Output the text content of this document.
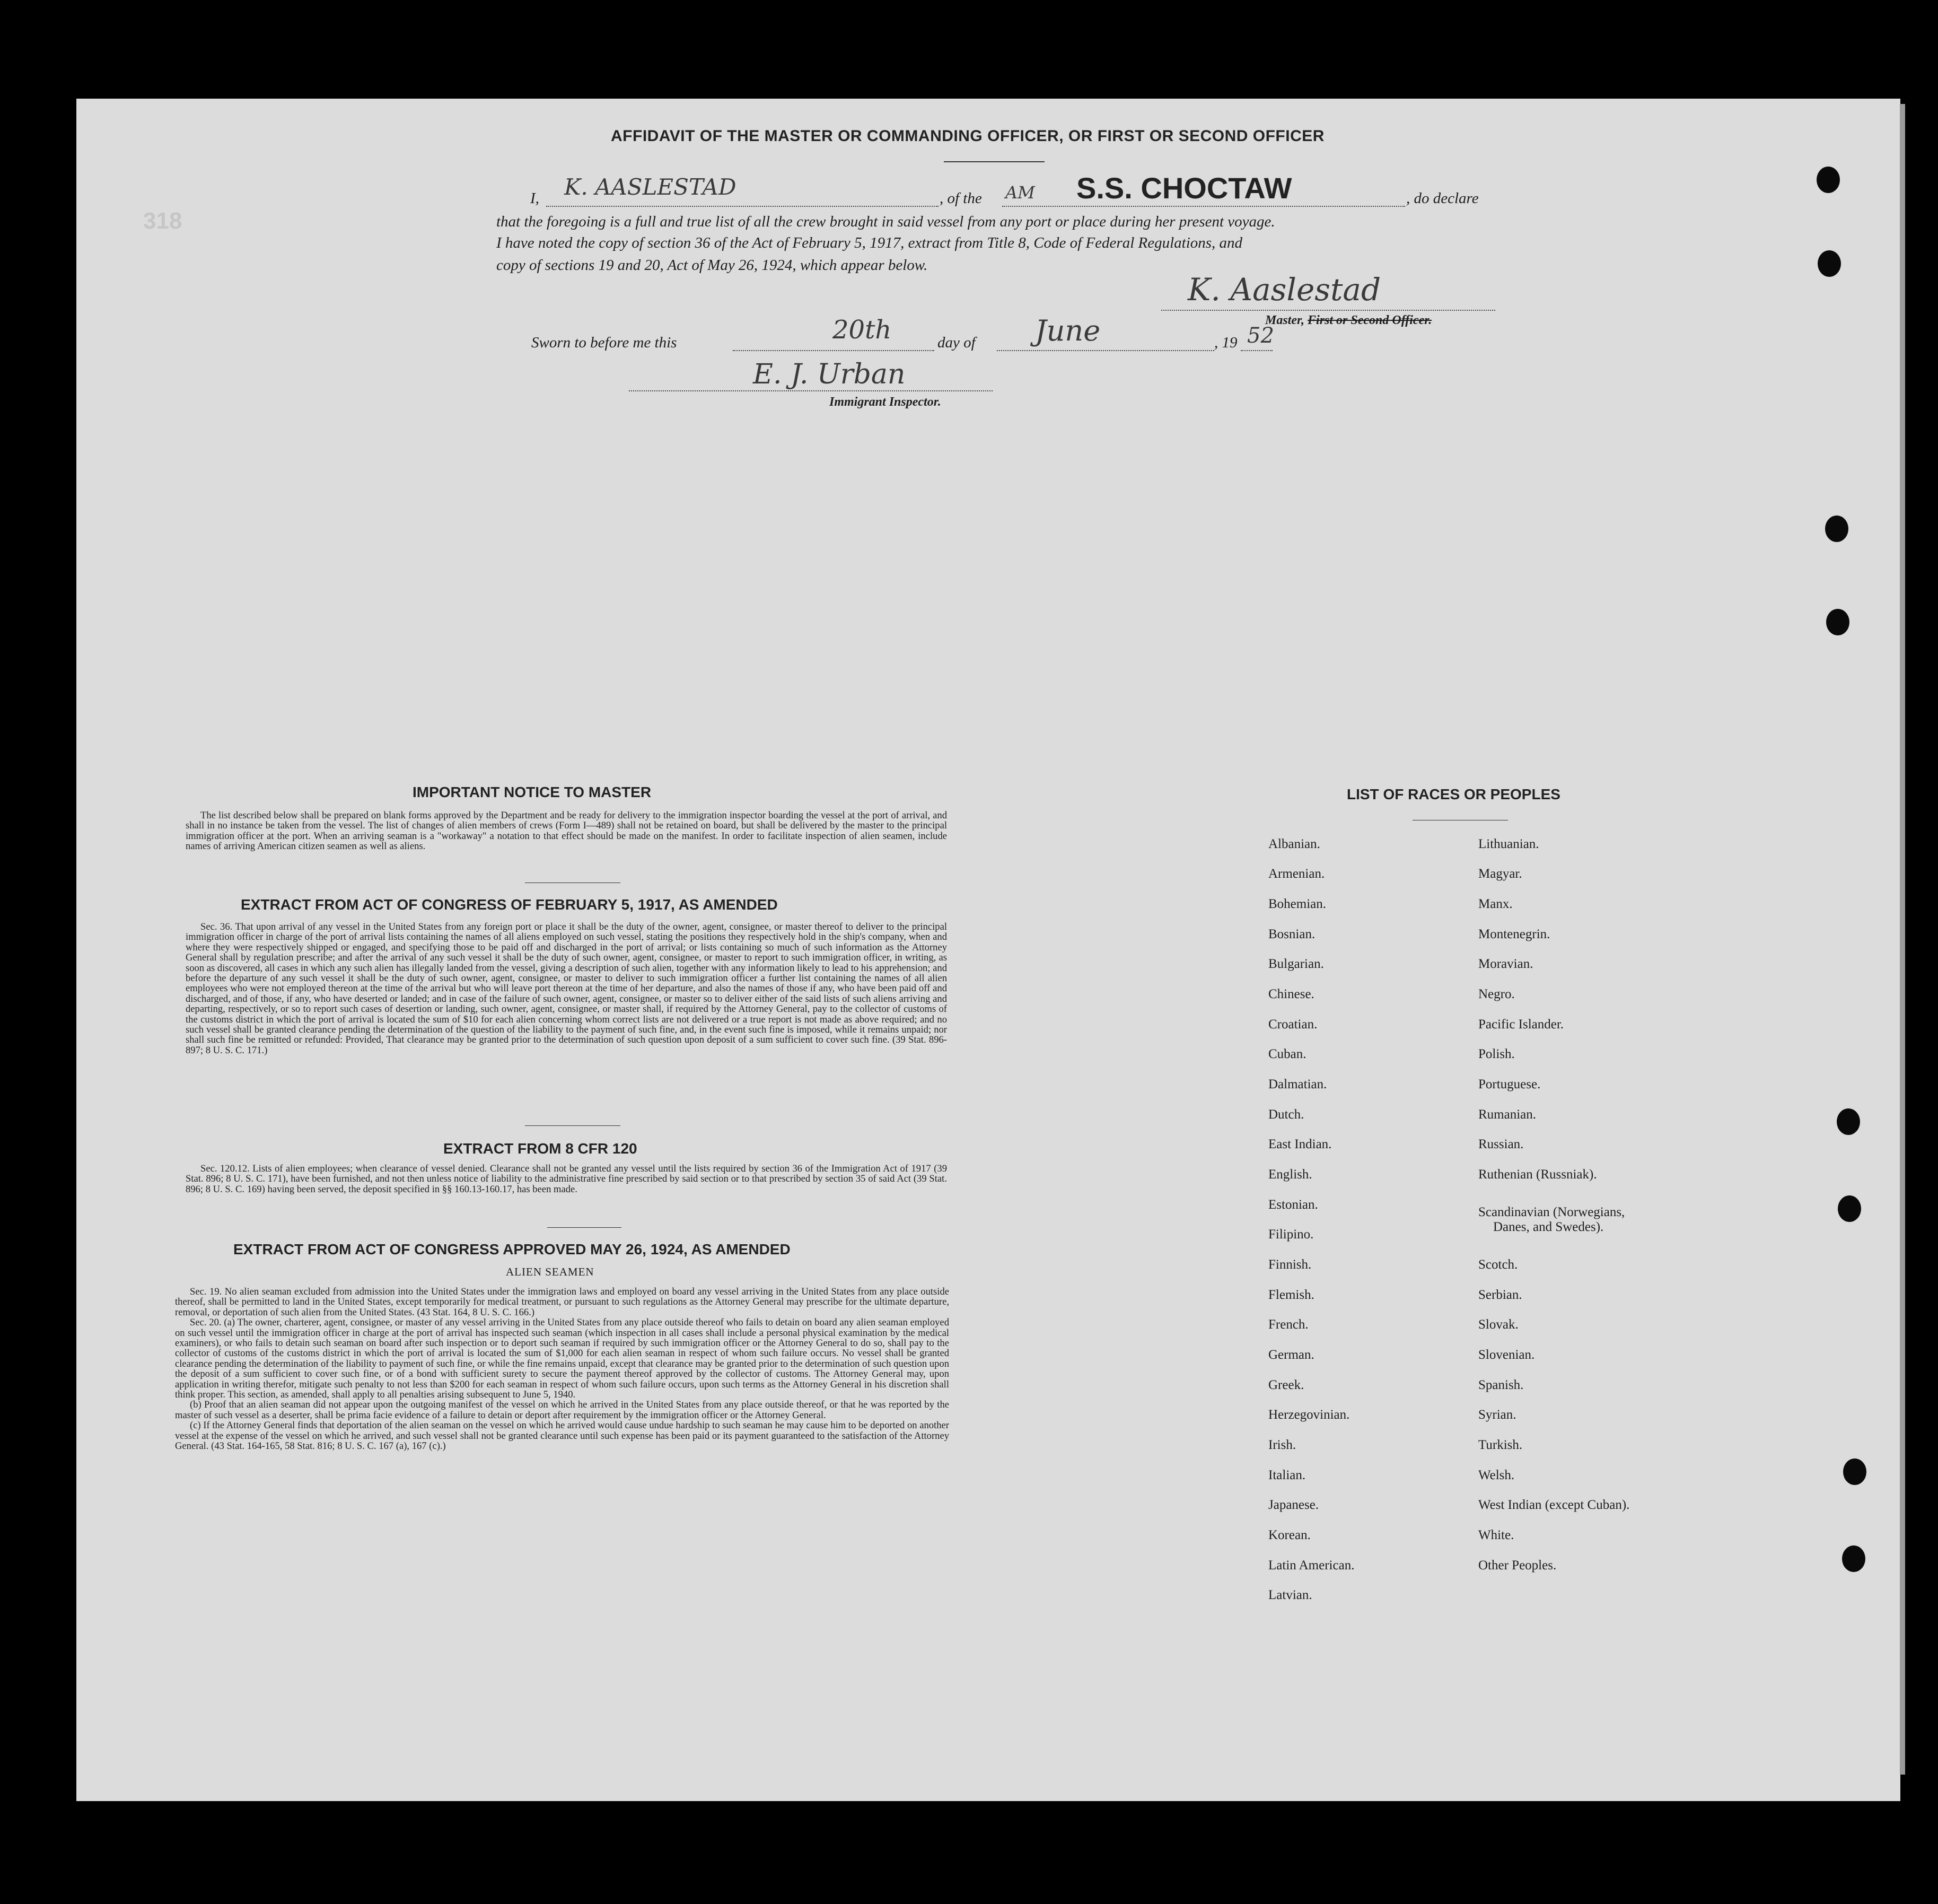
318
AFFIDAVIT OF THE MASTER OR COMMANDING OFFICER, OR FIRST OR SECOND OFFICER
I, K. AASLESTAD	, of the AM S.S. CHOCTAW	, do declare
that the foregoing is a full and true list of all the crew brought in said vessel from any port or place during her present voyage.
I have noted the copy of section 36 of the Act of February 5, 1917, extract from Title 8, Code of Federal Regulations, and
copy of sections 19 and 20, Act of May 26, 1924, which appear below.
K. Aaslestad
Master, First or Second Officer.
Sworn to before me this	20th	day of June	, 19 52
E. J. Urban
Immigrant Inspector.
IMPORTANT NOTICE TO MASTER
The list described below shall be prepared on blank forms approved by the Department and be ready for delivery to the immigration inspector boarding the vessel at the port of arrival, and shall in no instance be taken from the vessel. The list of changes of alien members of crews (Form I—489) shall not be retained on board, but shall be delivered by the master to the principal immigration officer at the port. When an arriving seaman is a "workaway" a notation to that effect should be made on the manifest. In order to facilitate inspection of alien seamen, include names of arriving American citizen seamen as well as aliens.
EXTRACT FROM ACT OF CONGRESS OF FEBRUARY 5, 1917, AS AMENDED
Sec. 36. That upon arrival of any vessel in the United States from any foreign port or place it shall be the duty of the owner, agent, consignee, or master thereof to deliver to the principal immigration officer in charge of the port of arrival lists containing the names of all aliens employed on such vessel, stating the positions they respectively hold in the ship's company, when and where they were respectively shipped or engaged, and specifying those to be paid off and discharged in the port of arrival; or lists containing so much of such information as the Attorney General shall by regulation prescribe; and after the arrival of any such vessel it shall be the duty of such owner, agent, consignee, or master to report to such immigration officer, in writing, as soon as discovered, all cases in which any such alien has illegally landed from the vessel, giving a description of such alien, together with any information likely to lead to his apprehension; and before the departure of any such vessel it shall be the duty of such owner, agent, consignee, or master to deliver to such immigration officer a further list containing the names of all alien employees who were not employed thereon at the time of the arrival but who will leave port thereon at the time of her departure, and also the names of those if any, who have been paid off and discharged, and of those, if any, who have deserted or landed; and in case of the failure of such owner, agent, consignee, or master so to deliver either of the said lists of such aliens arriving and departing, respectively, or so to report such cases of desertion or landing, such owner, agent, consignee, or master shall, if required by the Attorney General, pay to the collector of customs of the customs district in which the port of arrival is located the sum of $10 for each alien concerning whom correct lists are not delivered or a true report is not made as above required; and no such vessel shall be granted clearance pending the determination of the question of the liability to the payment of such fine, and, in the event such fine is imposed, while it remains unpaid; nor shall such fine be remitted or refunded: Provided, That clearance may be granted prior to the determination of such question upon deposit of a sum sufficient to cover such fine. (39 Stat. 896-897; 8 U. S. C. 171.)
EXTRACT FROM 8 CFR 120
Sec. 120.12. Lists of alien employees; when clearance of vessel denied. Clearance shall not be granted any vessel until the lists required by section 36 of the Immigration Act of 1917 (39 Stat. 896; 8 U. S. C. 171), have been furnished, and not then unless notice of liability to the administrative fine prescribed by said section or to that prescribed by section 35 of said Act (39 Stat. 896; 8 U. S. C. 169) having been served, the deposit specified in §§ 160.13-160.17, has been made.
EXTRACT FROM ACT OF CONGRESS APPROVED MAY 26, 1924, AS AMENDED
ALIEN SEAMEN
Sec. 19. No alien seaman excluded from admission into the United States under the immigration laws and employed on board any vessel arriving in the United States from any place outside thereof, shall be permitted to land in the United States, except temporarily for medical treatment, or pursuant to such regulations as the Attorney General may prescribe for the ultimate departure, removal, or deportation of such alien from the United States. (43 Stat. 164, 8 U. S. C. 166.)
Sec. 20. (a) The owner, charterer, agent, consignee, or master of any vessel arriving in the United States from any place outside thereof who fails to detain on board any alien seaman employed on such vessel until the immigration officer in charge at the port of arrival has inspected such seaman (which inspection in all cases shall include a personal physical examination by the medical examiners), or who fails to detain such seaman on board after such inspection or to deport such seaman if required by such immigration officer or the Attorney General to do so, shall pay to the collector of customs of the customs district in which the port of arrival is located the sum of $1,000 for each alien seaman in respect of whom such failure occurs. No vessel shall be granted clearance pending the determination of the liability to payment of such fine, or while the fine remains unpaid, except that clearance may be granted prior to the determination of such question upon the deposit of a sum sufficient to cover such fine, or of a bond with sufficient surety to secure the payment thereof approved by the collector of customs. The Attorney General may, upon application in writing therefor, mitigate such penalty to not less than $200 for each seaman in respect of whom such failure occurs, upon such terms as the Attorney General in his discretion shall think proper. This section, as amended, shall apply to all penalties arising subsequent to June 5, 1940.
(b) Proof that an alien seaman did not appear upon the outgoing manifest of the vessel on which he arrived in the United States from any place outside thereof, or that he was reported by the master of such vessel as a deserter, shall be prima facie evidence of a failure to detain or deport after requirement by the immigration officer or the Attorney General.
(c) If the Attorney General finds that deportation of the alien seaman on the vessel on which he arrived would cause undue hardship to such seaman he may cause him to be deported on another vessel at the expense of the vessel on which he arrived, and such vessel shall not be granted clearance until such expense has been paid or its payment guaranteed to the satisfaction of the Attorney General. (43 Stat. 164-165, 58 Stat. 816; 8 U. S. C. 167 (a), 167 (c).)
LIST OF RACES OR PEOPLES
Albanian.
Armenian.
Bohemian.
Bosnian.
Bulgarian.
Chinese.
Croatian.
Cuban.
Dalmatian.
Dutch.
East Indian.
English.
Estonian.
Filipino.
Finnish.
Flemish.
French.
German.
Greek.
Herzegovinian.
Irish.
Italian.
Japanese.
Korean.
Latin American.
Latvian.
Lithuanian.
Magyar.
Manx.
Montenegrin.
Moravian.
Negro.
Pacific Islander.
Polish.
Portuguese.
Rumanian.
Russian.
Ruthenian (Russniak).
Scandinavian (Norwegians,
Danes, and Swedes).
Scotch.
Serbian.
Slovak.
Slovenian.
Spanish.
Syrian.
Turkish.
Welsh.
West Indian (except Cuban).
White.
Other Peoples.
